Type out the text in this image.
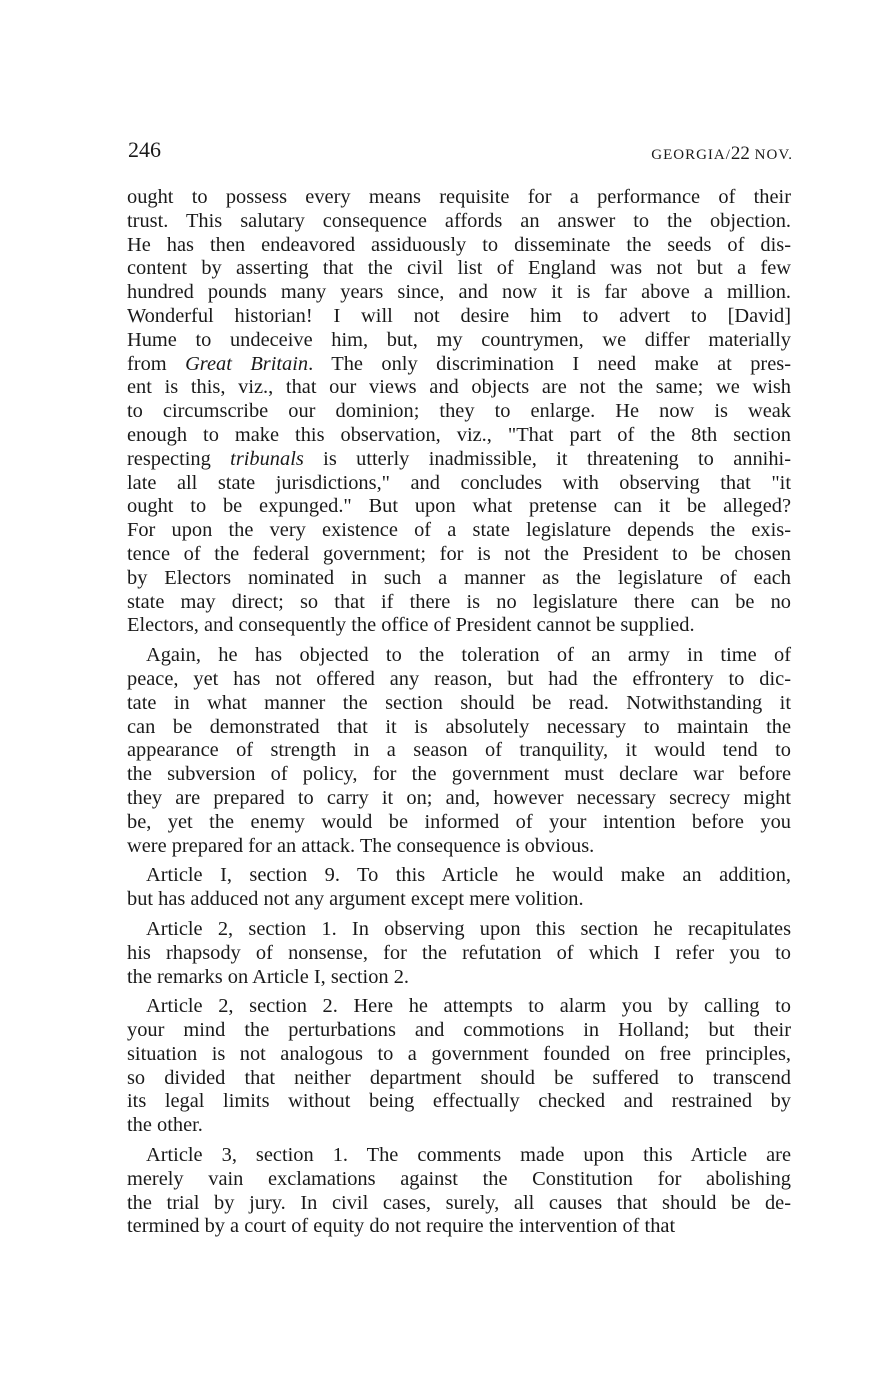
246	GEORGIA/22 NOV.
ought to possess every means requisite for a performance of their
trust. This salutary consequence affords an answer to the objection.
He has then endeavored assiduously to disseminate the seeds of dis-
content by asserting that the civil list of England was not but a few
hundred pounds many years since, and now it is far above a million.
Wonderful historian! I will not desire him to advert to [David]
Hume to undeceive him, but, my countrymen, we differ materially
from Great Britain. The only discrimination I need make at pres-
ent is this, viz., that our views and objects are not the same; we wish
to circumscribe our dominion; they to enlarge. He now is weak
enough to make this observation, viz., "That part of the 8th section
respecting tribunals is utterly inadmissible, it threatening to annihi-
late all state jurisdictions," and concludes with observing that "it
ought to be expunged." But upon what pretense can it be alleged?
For upon the very existence of a state legislature depends the exis-
tence of the federal government; for is not the President to be chosen
by Electors nominated in such a manner as the legislature of each
state may direct; so that if there is no legislature there can be no
Electors, and consequently the office of President cannot be supplied.
Again, he has objected to the toleration of an army in time of
peace, yet has not offered any reason, but had the effrontery to dic-
tate in what manner the section should be read. Notwithstanding it
can be demonstrated that it is absolutely necessary to maintain the
appearance of strength in a season of tranquility, it would tend to
the subversion of policy, for the government must declare war before
they are prepared to carry it on; and, however necessary secrecy might
be, yet the enemy would be informed of your intention before you
were prepared for an attack. The consequence is obvious.
Article I, section 9. To this Article he would make an addition,
but has adduced not any argument except mere volition.
Article 2, section 1. In observing upon this section he recapitulates
his rhapsody of nonsense, for the refutation of which I refer you to
the remarks on Article I, section 2.
Article 2, section 2. Here he attempts to alarm you by calling to
your mind the perturbations and commotions in Holland; but their
situation is not analogous to a government founded on free principles,
so divided that neither department should be suffered to transcend
its legal limits without being effectually checked and restrained by
the other.
Article 3, section 1. The comments made upon this Article are
merely vain exclamations against the Constitution for abolishing
the trial by jury. In civil cases, surely, all causes that should be de-
termined by a court of equity do not require the intervention of that
